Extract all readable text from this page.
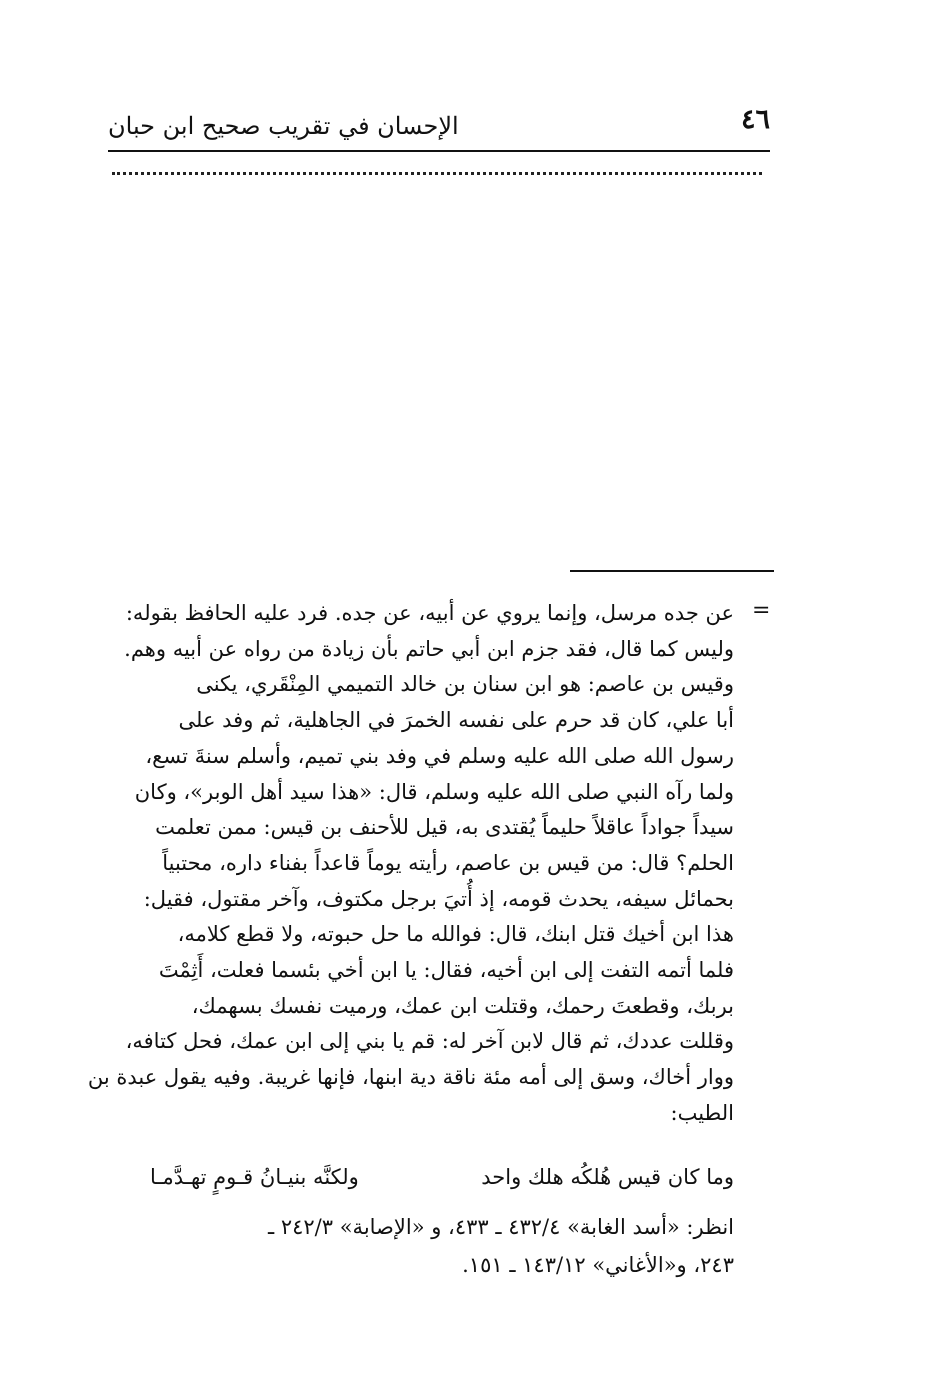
٤٦
الإحسان في تقريب صحيح ابن حبان
=
عن جده مرسل، وإنما يروي عن أبيه، عن جده. فرد عليه الحافظ بقوله:
وليس كما قال، فقد جزم ابن أبي حاتم بأن زيادة من رواه عن أبيه وهم.
وقيس بن عاصم: هو ابن سنان بن خالد التميمي المِنْقَري، يكنى
أبا علي، كان قد حرم على نفسه الخمرَ في الجاهلية، ثم وفد على
رسول الله صلى الله عليه وسلم في وفد بني تميم، وأسلم سنةَ تسع،
ولما رآه النبي صلى الله عليه وسلم، قال: «هذا سيد أهل الوبر»، وكان
سيداً جواداً عاقلاً حليماً يُقتدى به، قيل للأحنف بن قيس: ممن تعلمت
الحلم؟ قال: من قيس بن عاصم، رأيته يوماً قاعداً بفناء داره، محتبياً
بحمائل سيفه، يحدث قومه، إذ أُتيَ برجل مكتوف، وآخر مقتول، فقيل:
هذا ابن أخيك قتل ابنك، قال: فوالله ما حل حبوته، ولا قطع كلامه،
فلما أتمه التفت إلى ابن أخيه، فقال: يا ابن أخي بئسما فعلت، أَثِمْتَ
بربك، وقطعتَ رحمك، وقتلت ابن عمك، ورميت نفسك بسهمك،
وقللت عددك، ثم قال لابن آخر له: قم يا بني إلى ابن عمك، فحل كتافه،
ووار أخاك، وسق إلى أمه مئة ناقة دية ابنها، فإنها غريبة. وفيه يقول عبدة بن
الطيب:
وما كان قيس هُلكُه هلك واحد
ولكنَّه بنيـانُ قـومٍ تهـدَّمـا
انظر: «أسد الغابة» ٤٣٢/٤ ـ ٤٣٣، و «الإصابة» ٢٤٢/٣ ـ
٢٤٣، و«الأغاني» ١٤٣/١٢ ـ ١٥١.
